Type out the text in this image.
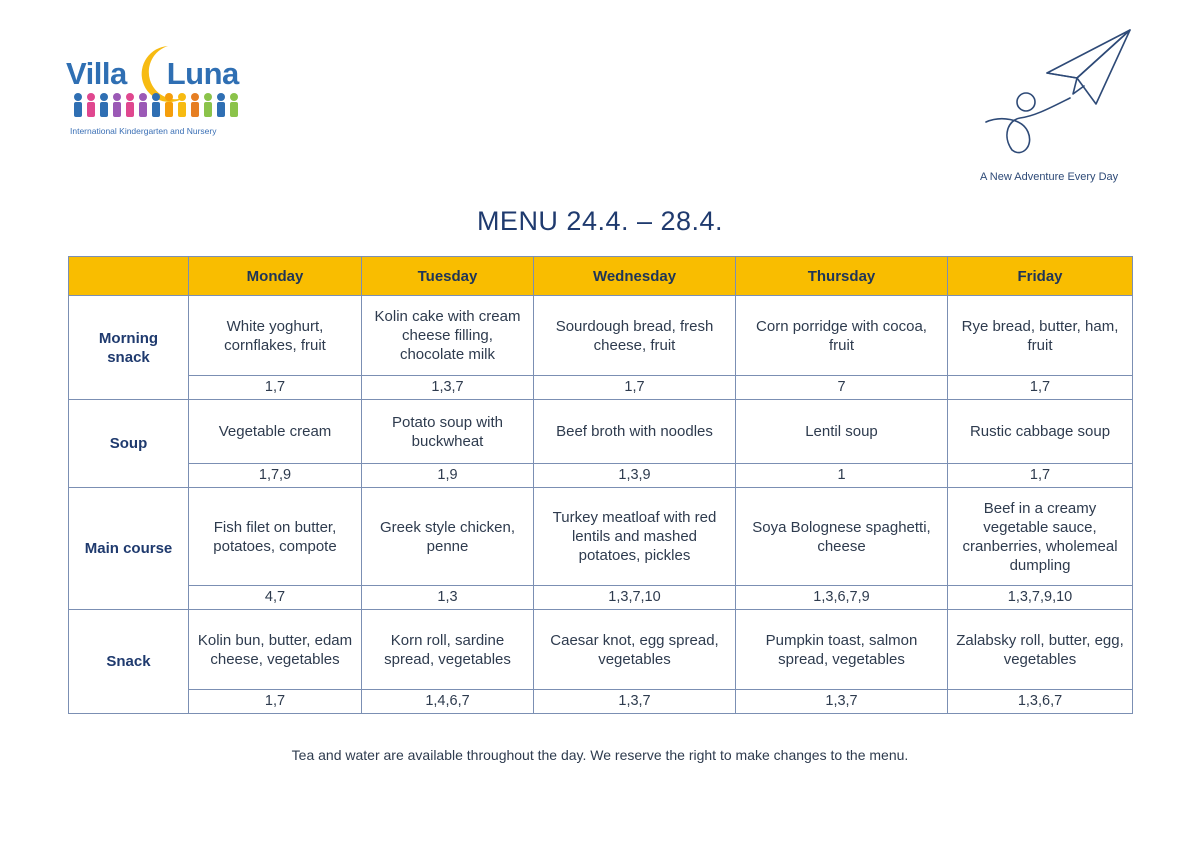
Villa Luna
International Kindergarten and Nursery
A New Adventure Every Day
MENU 24.4. – 28.4.
	Monday	Tuesday	Wednesday	Thursday	Friday
Morning snack	White yoghurt, cornflakes, fruit	Kolin cake with cream cheese filling, chocolate milk	Sourdough bread, fresh cheese, fruit	Corn porridge with cocoa, fruit	Rye bread, butter, ham, fruit
	1,7	1,3,7	1,7	7	1,7
Soup	Vegetable cream	Potato soup with buckwheat	Beef broth with noodles	Lentil soup	Rustic cabbage soup
	1,7,9	1,9	1,3,9	1	1,7
Main course	Fish filet on butter, potatoes, compote	Greek style chicken, penne	Turkey meatloaf with red lentils and mashed potatoes, pickles	Soya Bolognese spaghetti, cheese	Beef in a creamy vegetable sauce, cranberries, wholemeal dumpling
	4,7	1,3	1,3,7,10	1,3,6,7,9	1,3,7,9,10
Snack	Kolin bun, butter, edam cheese, vegetables	Korn roll, sardine spread, vegetables	Caesar knot, egg spread, vegetables	Pumpkin toast, salmon spread, vegetables	Zalabsky roll, butter, egg, vegetables
	1,7	1,4,6,7	1,3,7	1,3,7	1,3,6,7
Tea and water are available throughout the day. We reserve the right to make changes to the menu.
